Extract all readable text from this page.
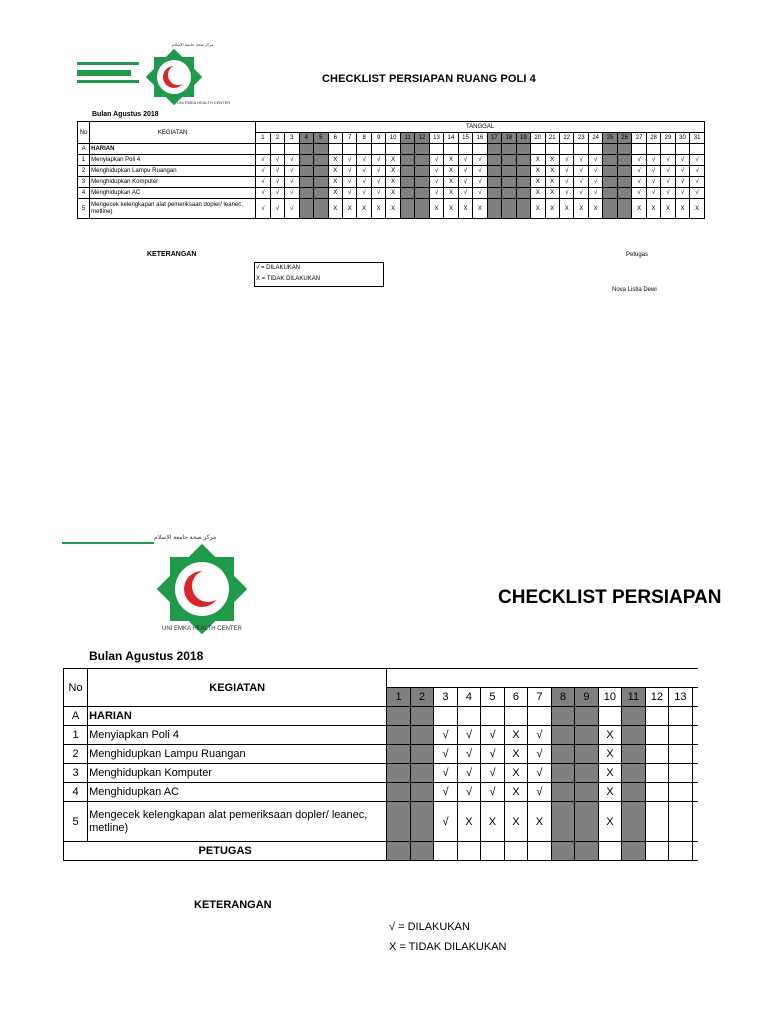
مركز صحة جامعة الإسلام
UNI EMKA HEALTH CENTER
CHECKLIST PERSIAPAN RUANG POLI 4
Bulan Agustus 2018
No	KEGIATAN	TANGGAL																														
		1	2	3	4	5	6	7	8	9	10	11	12	13	14	15	16	17	18	19	20	21	22	23	24	25	26	27	28	29	30	31
A	HARIAN																															
1	Menyiapkan Poli 4	√	√	√			X	√	√	√	X			√	X	√	√				X	X	√	√	√			√	√	√	√	√
2	Menghidupkan Lampu Ruangan	√	√	√			X	√	√	√	X			√	X	√	√				X	X	√	√	√			√	√	√	√	√
3	Menghidupkan Komputer	√	√	√			X	√	√	√	X			√	X	√	√				X	X	√	√	√			√	√	√	√	√
4	Menghidupkan AC	√	√	√			X	√	√	√	X			√	X	√	√				X	X	√	√	√			√	√	√	√	√
5	Mengecek kelengkapan alat pemeriksaan dopler/ leanec, metline)	√	√	√			X	X	X	X	X			X	X	X	X				X	X	X	X	X			X	X	X	X	X
KETERANGAN
√ = DILAKUKAN
X = TIDAK DILAKUKAN
Petugas
Nova Listia Dewi
مركز صحة جامعة الإسلام
UNI EMKA HEALTH CENTER
CHECKLIST PERSIAPAN
Bulan Agustus 2018
No	KEGIATAN														
		1	2	3	4	5	6	7	8	9	10	11	12	13	
A	HARIAN														
1	Menyiapkan Poli 4			√	√	√	X	√			X				
2	Menghidupkan Lampu Ruangan			√	√	√	X	√			X				
3	Menghidupkan Komputer			√	√	√	X	√			X				
4	Menghidupkan AC			√	√	√	X	√			X				
5	Mengecek kelengkapan alat pemeriksaan dopler/ leanec, metline)			√	X	X	X	X			X				
PETUGAS															
KETERANGAN
√ = DILAKUKAN
X = TIDAK DILAKUKAN
